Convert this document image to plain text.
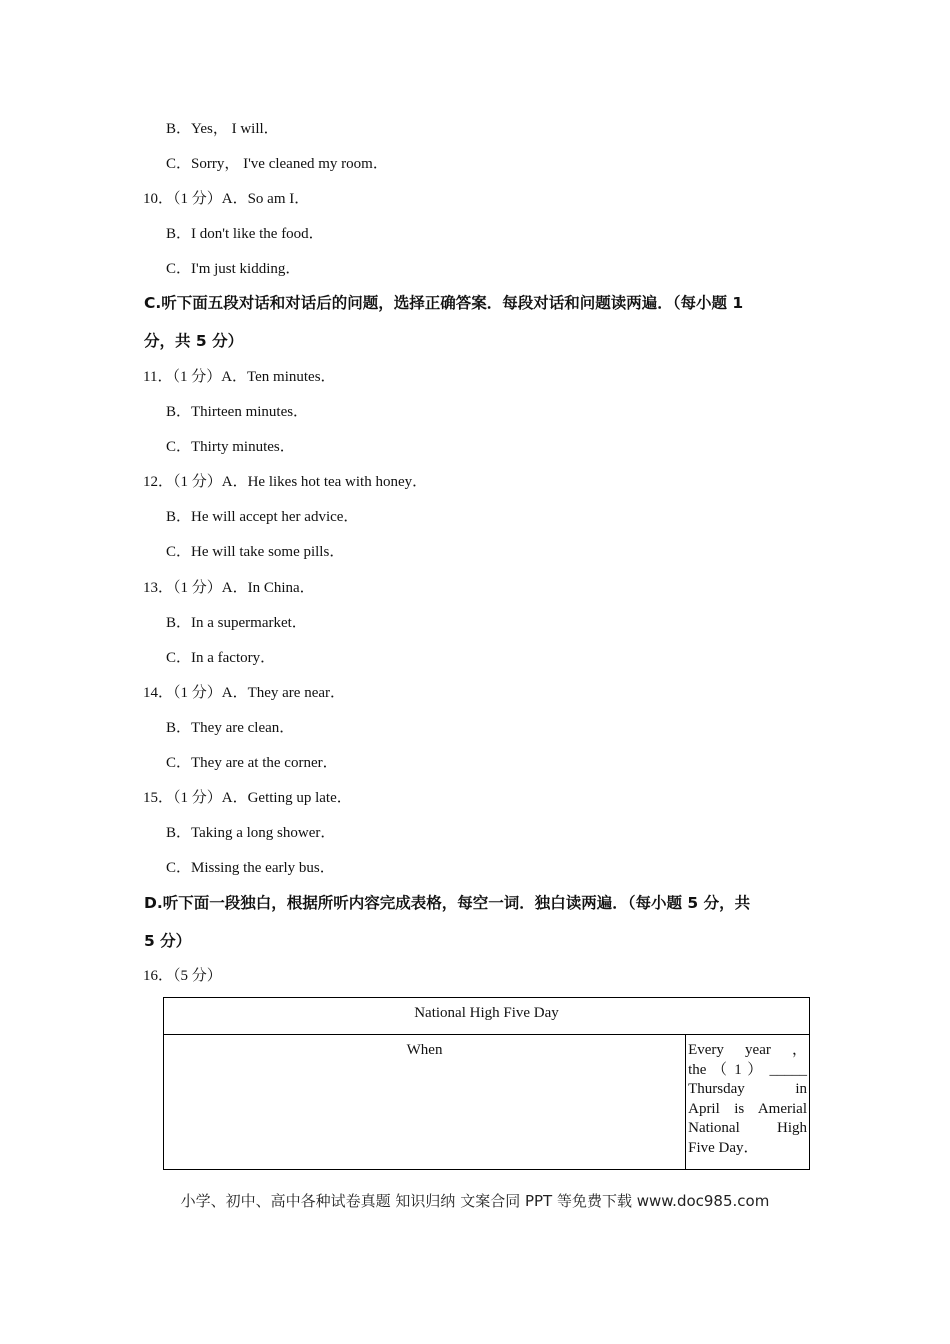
B．Yes， I will．
C．Sorry， I've cleaned my room．
10．（1 分）A．So am I．
B．I don't like the food．
C．I'm just kidding．
C.听下面五段对话和对话后的问题，选择正确答案．每段对话和问题读两遍．（每小题 1
分，共 5 分）
11．（1 分）A．Ten minutes．
B．Thirteen minutes．
C．Thirty minutes．
12．（1 分）A．He likes hot tea with honey．
B．He will accept her advice．
C．He will take some pills．
13．（1 分）A．In China．
B．In a supermarket．
C．In a factory．
14．（1 分）A．They are near．
B．They are clean．
C．They are at the corner．
15．（1 分）A．Getting up late．
B．Taking a long shower．
C．Missing the early bus．
D.听下面一段独白，根据所听内容完成表格，每空一词．独白读两遍．（每小题 5 分，共
5 分）
16．（5 分）
National High Five Day
When	Every year ，
the （ 1 ） _____
Thursday in
April is Amerial
National High
Five Day．
小学、初中、高中各种试卷真题 知识归纳 文案合同 PPT 等免费下载 www.doc985.com
